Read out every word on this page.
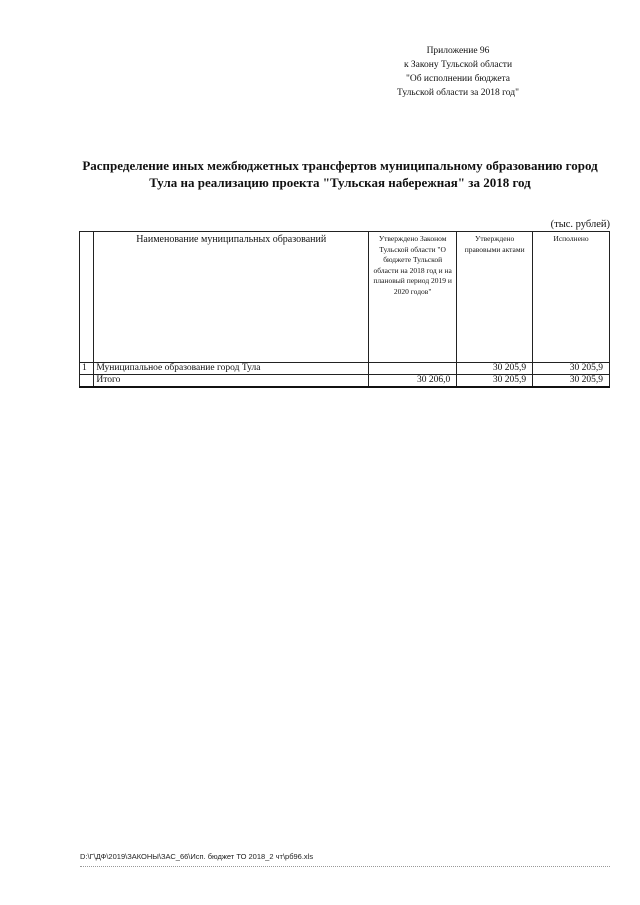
Приложение 96
к Закону Тульской области
"Об исполнении бюджета
Тульской области за 2018 год"
Распределение иных межбюджетных трансфертов муниципальному образованию город
Тула на реализацию проекта "Тульская набережная" за 2018 год
(тыс. рублей)
	Наименование муниципальных образований	Утверждено Законом Тульской области "О бюджете Тульской области на 2018 год и на плановый период 2019 и 2020 годов"	Утверждено правовыми актами	Исполнено
1	Муниципальное образование город Тула		30 205,9	30 205,9
	Итого	30 206,0	30 205,9	30 205,9
D:\Г\ДФ\2019\ЗАКОНЫ\ЗАС_66\Исп. бюджет ТО 2018_2 чт\рб96.xls
